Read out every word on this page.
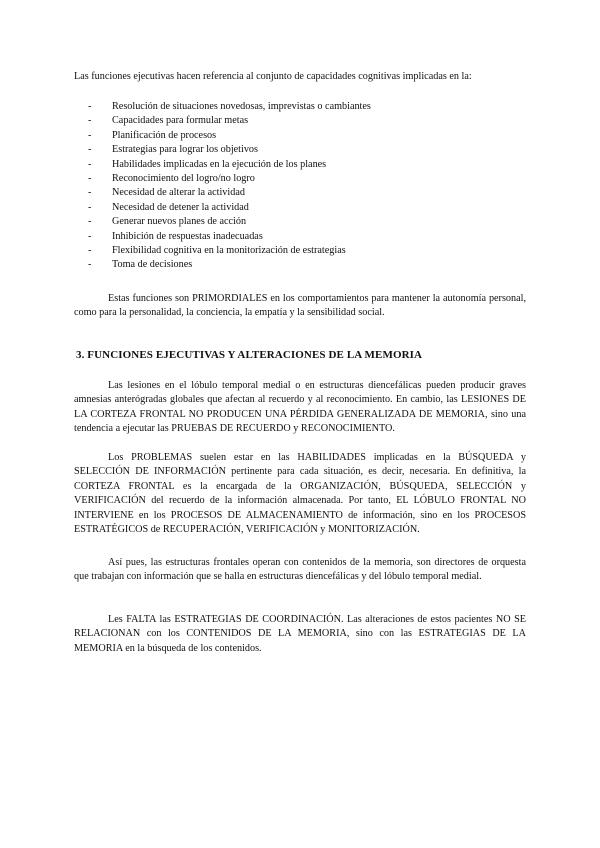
Las funciones ejecutivas hacen referencia al conjunto de capacidades cognitivas implicadas en la:
- Resolución de situaciones novedosas, imprevistas o cambiantes
- Capacidades para formular metas
- Planificación de procesos
- Estrategias para lograr los objetivos
- Habilidades implicadas en la ejecución de los planes
- Reconocimiento del logro/no logro
- Necesidad de alterar la actividad
- Necesidad de detener la actividad
- Generar nuevos planes de acción
- Inhibición de respuestas inadecuadas
- Flexibilidad cognitiva en la monitorización de estrategias
- Toma de decisiones
Estas funciones son PRIMORDIALES en los comportamientos para mantener la autonomía personal, como para la personalidad, la conciencia, la empatía y la sensibilidad social.
3. FUNCIONES EJECUTIVAS Y ALTERACIONES DE LA MEMORIA
Las lesiones en el lóbulo temporal medial o en estructuras diencefálicas pueden producir graves amnesias anterógradas globales que afectan al recuerdo y al reconocimiento. En cambio, las LESIONES DE LA CORTEZA FRONTAL NO PRODUCEN UNA PÉRDIDA GENERALIZADA DE MEMORIA, sino una tendencia a ejecutar las PRUEBAS DE RECUERDO y RECONOCIMIENTO.
Los PROBLEMAS suelen estar en las HABILIDADES implicadas en la BÚSQUEDA y SELECCIÓN DE INFORMACIÓN pertinente para cada situación, es decir, necesaria. En definitiva, la CORTEZA FRONTAL es la encargada de la ORGANIZACIÓN, BÚSQUEDA, SELECCIÓN y VERIFICACIÓN del recuerdo de la información almacenada. Por tanto, EL LÓBULO FRONTAL NO INTERVIENE en los PROCESOS DE ALMACENAMIENTO de información, sino en los PROCESOS ESTRATÉGICOS de RECUPERACIÓN, VERIFICACIÓN y MONITORIZACIÓN.
Así pues, las estructuras frontales operan con contenidos de la memoria, son directores de orquesta que trabajan con información que se halla en estructuras diencefálicas y del lóbulo temporal medial.
Les FALTA las ESTRATEGIAS DE COORDINACIÓN. Las alteraciones de estos pacientes NO SE RELACIONAN con los CONTENIDOS DE LA MEMORIA, sino con las ESTRATEGIAS DE LA MEMORIA en la búsqueda de los contenidos.
